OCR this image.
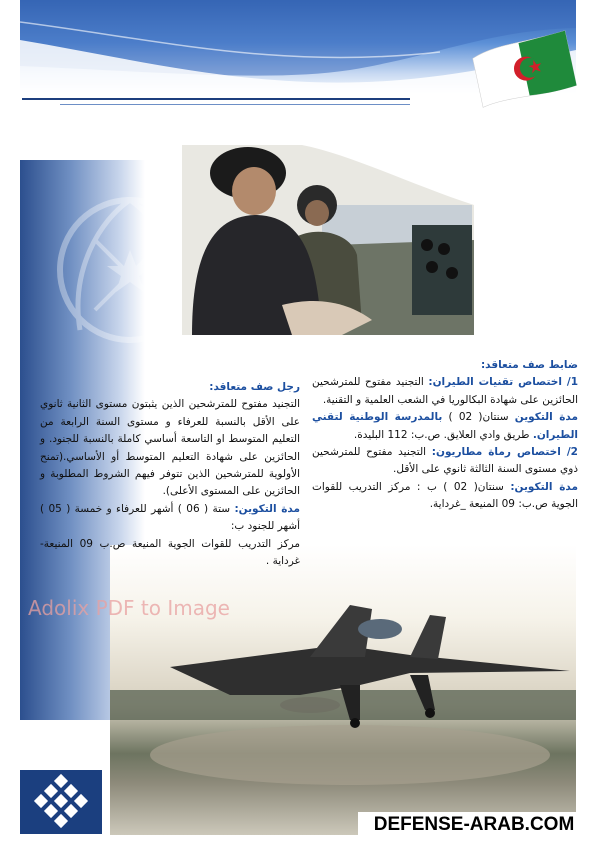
ضابط صف متعاقد:

1/ اختصاص تقنيات الطيران: التجنيد مفتوح للمترشحين الحائزين على شهادة البكالوريا في الشعب العلمية و التقنية.

مدة التكوين سنتان( 02 ) بالمدرسة الوطنية لتقني الطيران. طريق وادي العلايق. ص.ب: 112 البليدة.

2/ اختصاص رماة مطاريون: التجنيد مفتوح للمترشحين ذوي مستوى السنة الثالثة ثانوي على الأقل.

مدة التكوين: سنتان( 02 ) ب : مركز التدريب للقوات الجوية ص.ب: 09 المنيعة _غرداية.

رجل صف متعاقد:

التجنيد مفتوح للمترشحين الذين يثبتون مستوى الثانية ثانوي على الأقل بالنسبة للعرفاء و مستوى السنة الرابعة من التعليم المتوسط او التاسعة أساسي كاملة بالنسبة للجنود. و الحائزين على شهادة التعليم المتوسط أو الأساسي.(تمنح الأولوية للمترشحين الذين تتوفر فيهم الشروط المطلوبة و الحائزين على المستوى الأعلى).

مدة التكوين: ستة ( 06 ) أشهر للعرفاء و خمسة ( 05 ) أشهر للجنود ب:

مركز التدريب للقوات الجوية المنيعة ص.ب 09 المنيعة- غرداية .

Adolix PDF to Image
DEFENSE-ARAB.COM
